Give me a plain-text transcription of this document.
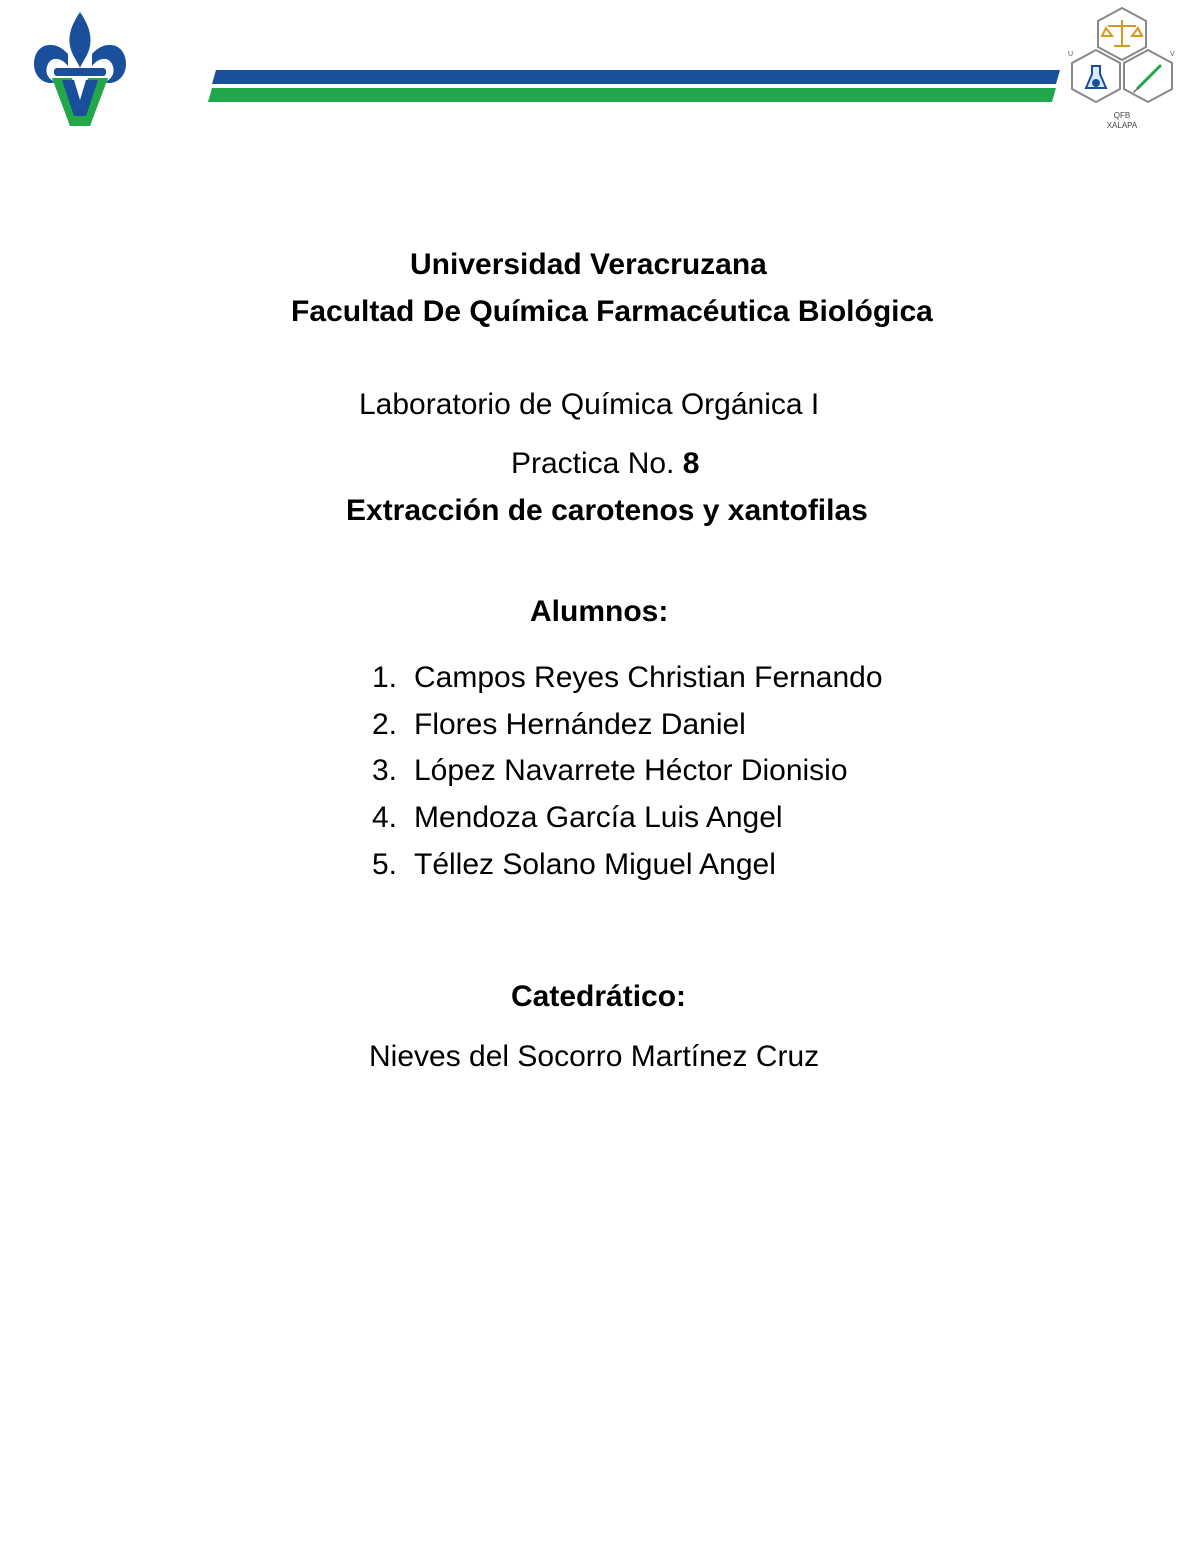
U	V
QFB
XALAPA
Universidad Veracruzana
Facultad De Química Farmacéutica Biológica
Laboratorio de Química Orgánica I
Practica No. 8
Extracción de carotenos y xantofilas
Alumnos:
1. Campos Reyes Christian Fernando
2. Flores Hernández Daniel
3. López Navarrete Héctor Dionisio
4. Mendoza García Luis Angel
5. Téllez Solano Miguel Angel
Catedrático:
Nieves del Socorro Martínez Cruz
